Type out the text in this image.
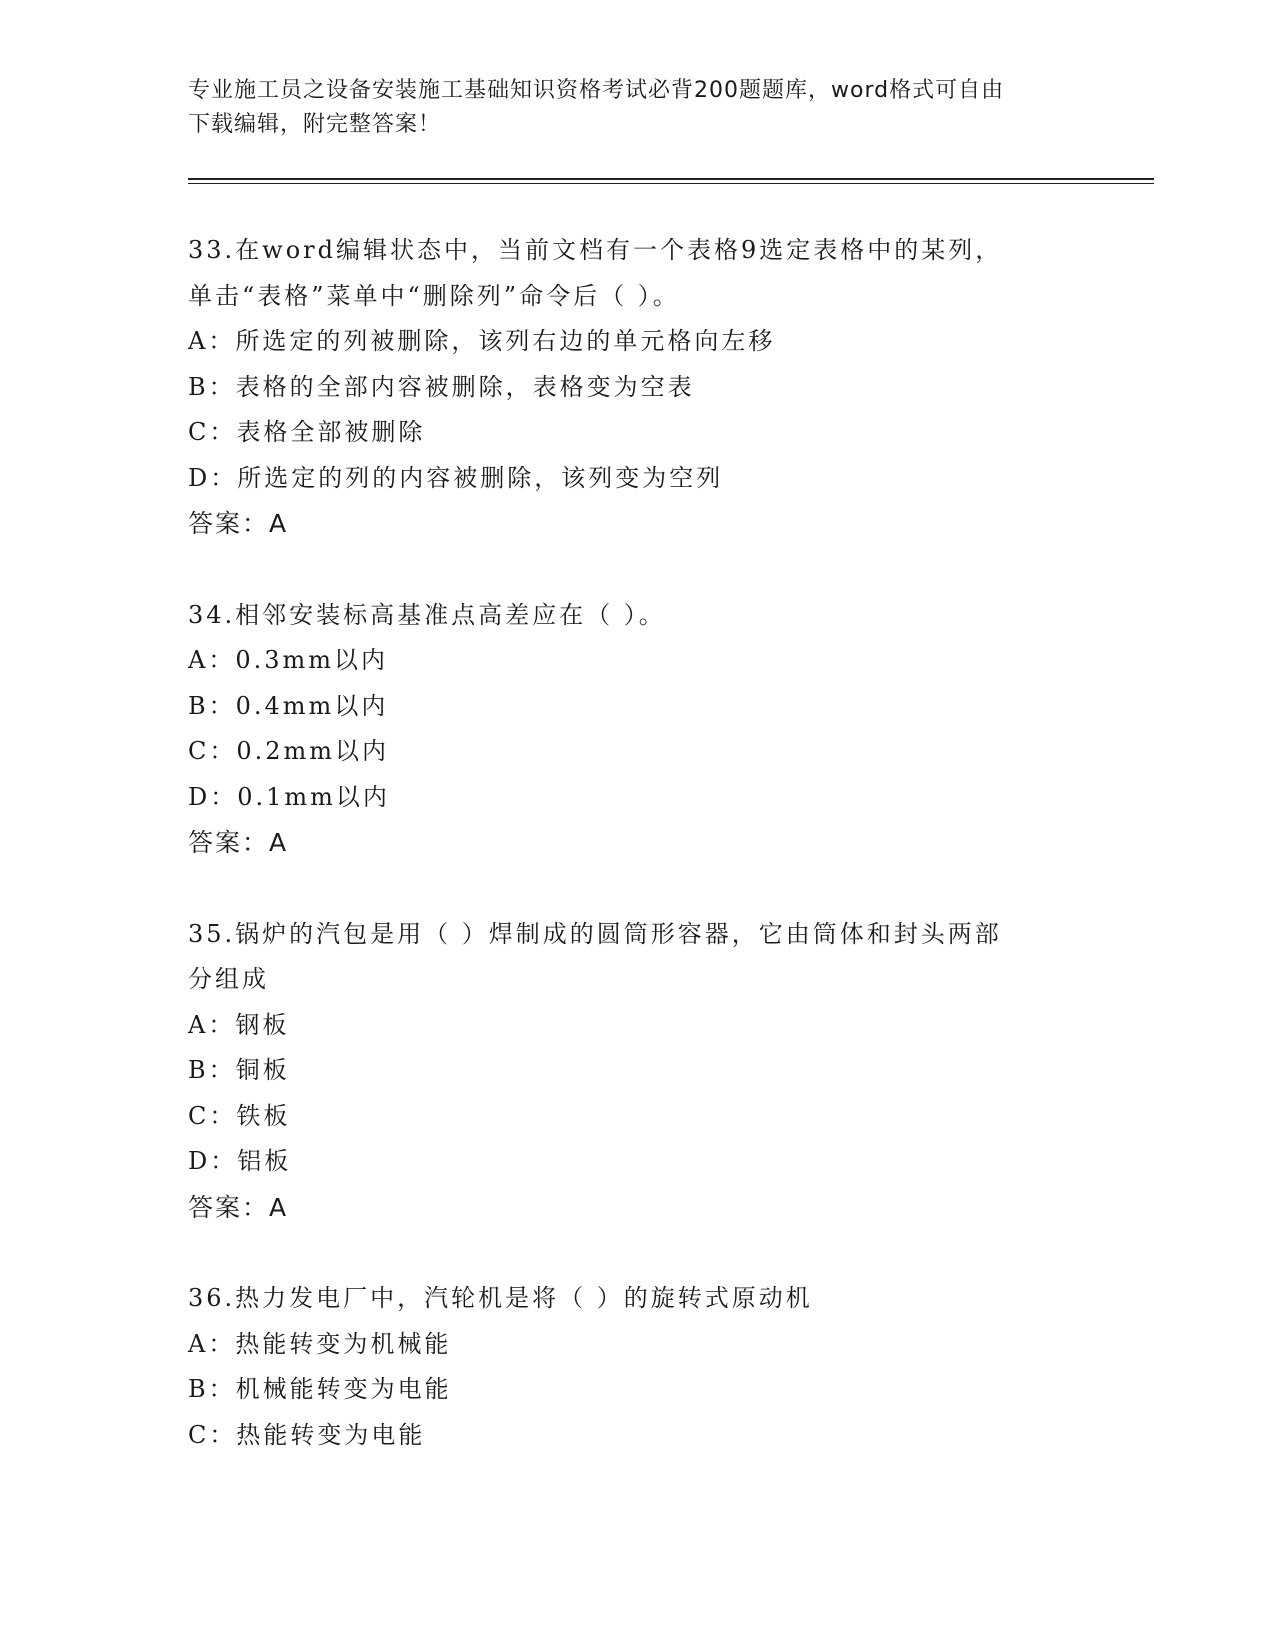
专业施工员之设备安装施工基础知识资格考试必背200题题库，word格式可自由
下载编辑，附完整答案！
33.在word编辑状态中，当前文档有一个表格9选定表格中的某列，
单击“表格”菜单中“删除列”命令后（ ）。
A：所选定的列被删除，该列右边的单元格向左移
B：表格的全部内容被删除，表格变为空表
C：表格全部被删除
D：所选定的列的内容被删除，该列变为空列
答案：A
34.相邻安装标高基准点高差应在（ ）。
A：0.3mm以内
B：0.4mm以内
C：0.2mm以内
D：0.1mm以内
答案：A
35.锅炉的汽包是用（ ）焊制成的圆筒形容器，它由筒体和封头两部
分组成
A：钢板
B：铜板
C：铁板
D：铝板
答案：A
36.热力发电厂中，汽轮机是将（ ）的旋转式原动机
A：热能转变为机械能
B：机械能转变为电能
C：热能转变为电能
